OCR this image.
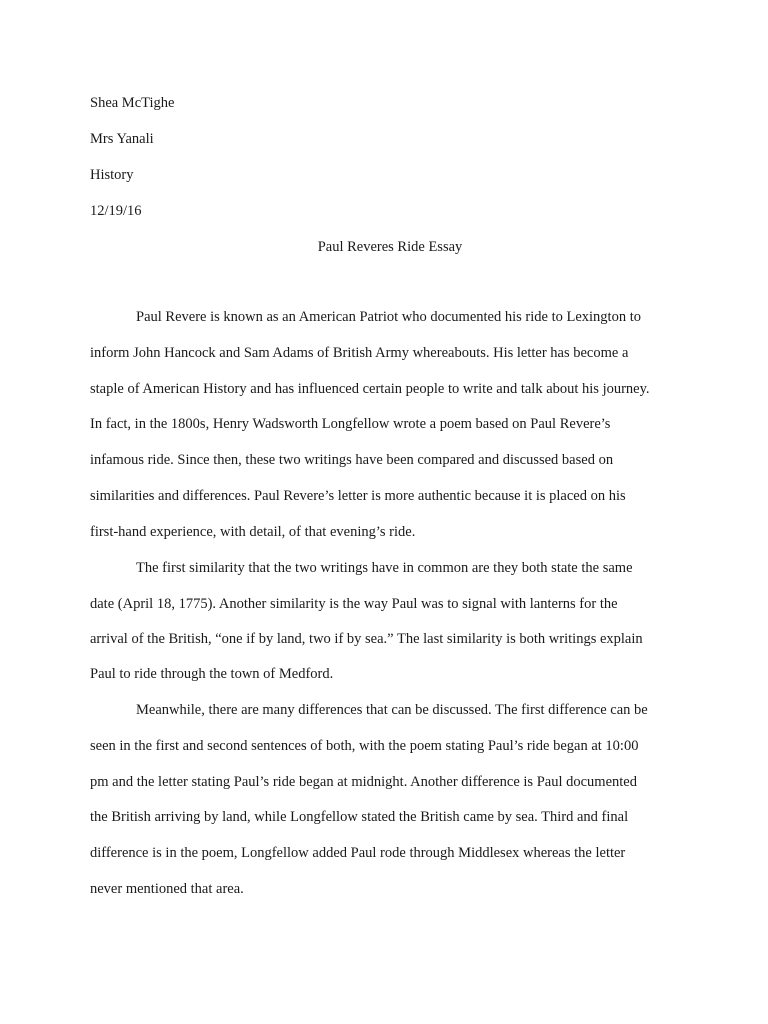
Shea McTighe
Mrs Yanali
History
12/19/16
Paul Reveres Ride Essay
Paul Revere is known as an American Patriot who documented his ride to Lexington to
inform John Hancock and Sam Adams of British Army whereabouts. His letter has become a
staple of American History and has influenced certain people to write and talk about his journey.
In fact, in the 1800s, Henry Wadsworth Longfellow wrote a poem based on Paul Revere’s
infamous ride. Since then, these two writings have been compared and discussed based on
similarities and differences. Paul Revere’s letter is more authentic because it is placed on his
first-hand experience, with detail, of that evening’s ride.
The first similarity that the two writings have in common are they both state the same
date (April 18, 1775). Another similarity is the way Paul was to signal with lanterns for the
arrival of the British, “one if by land, two if by sea.” The last similarity is both writings explain
Paul to ride through the town of Medford.
Meanwhile, there are many differences that can be discussed. The first difference can be
seen in the first and second sentences of both, with the poem stating Paul’s ride began at 10:00
pm and the letter stating Paul’s ride began at midnight. Another difference is Paul documented
the British arriving by land, while Longfellow stated the British came by sea. Third and final
difference is in the poem, Longfellow added Paul rode through Middlesex whereas the letter
never mentioned that area.
